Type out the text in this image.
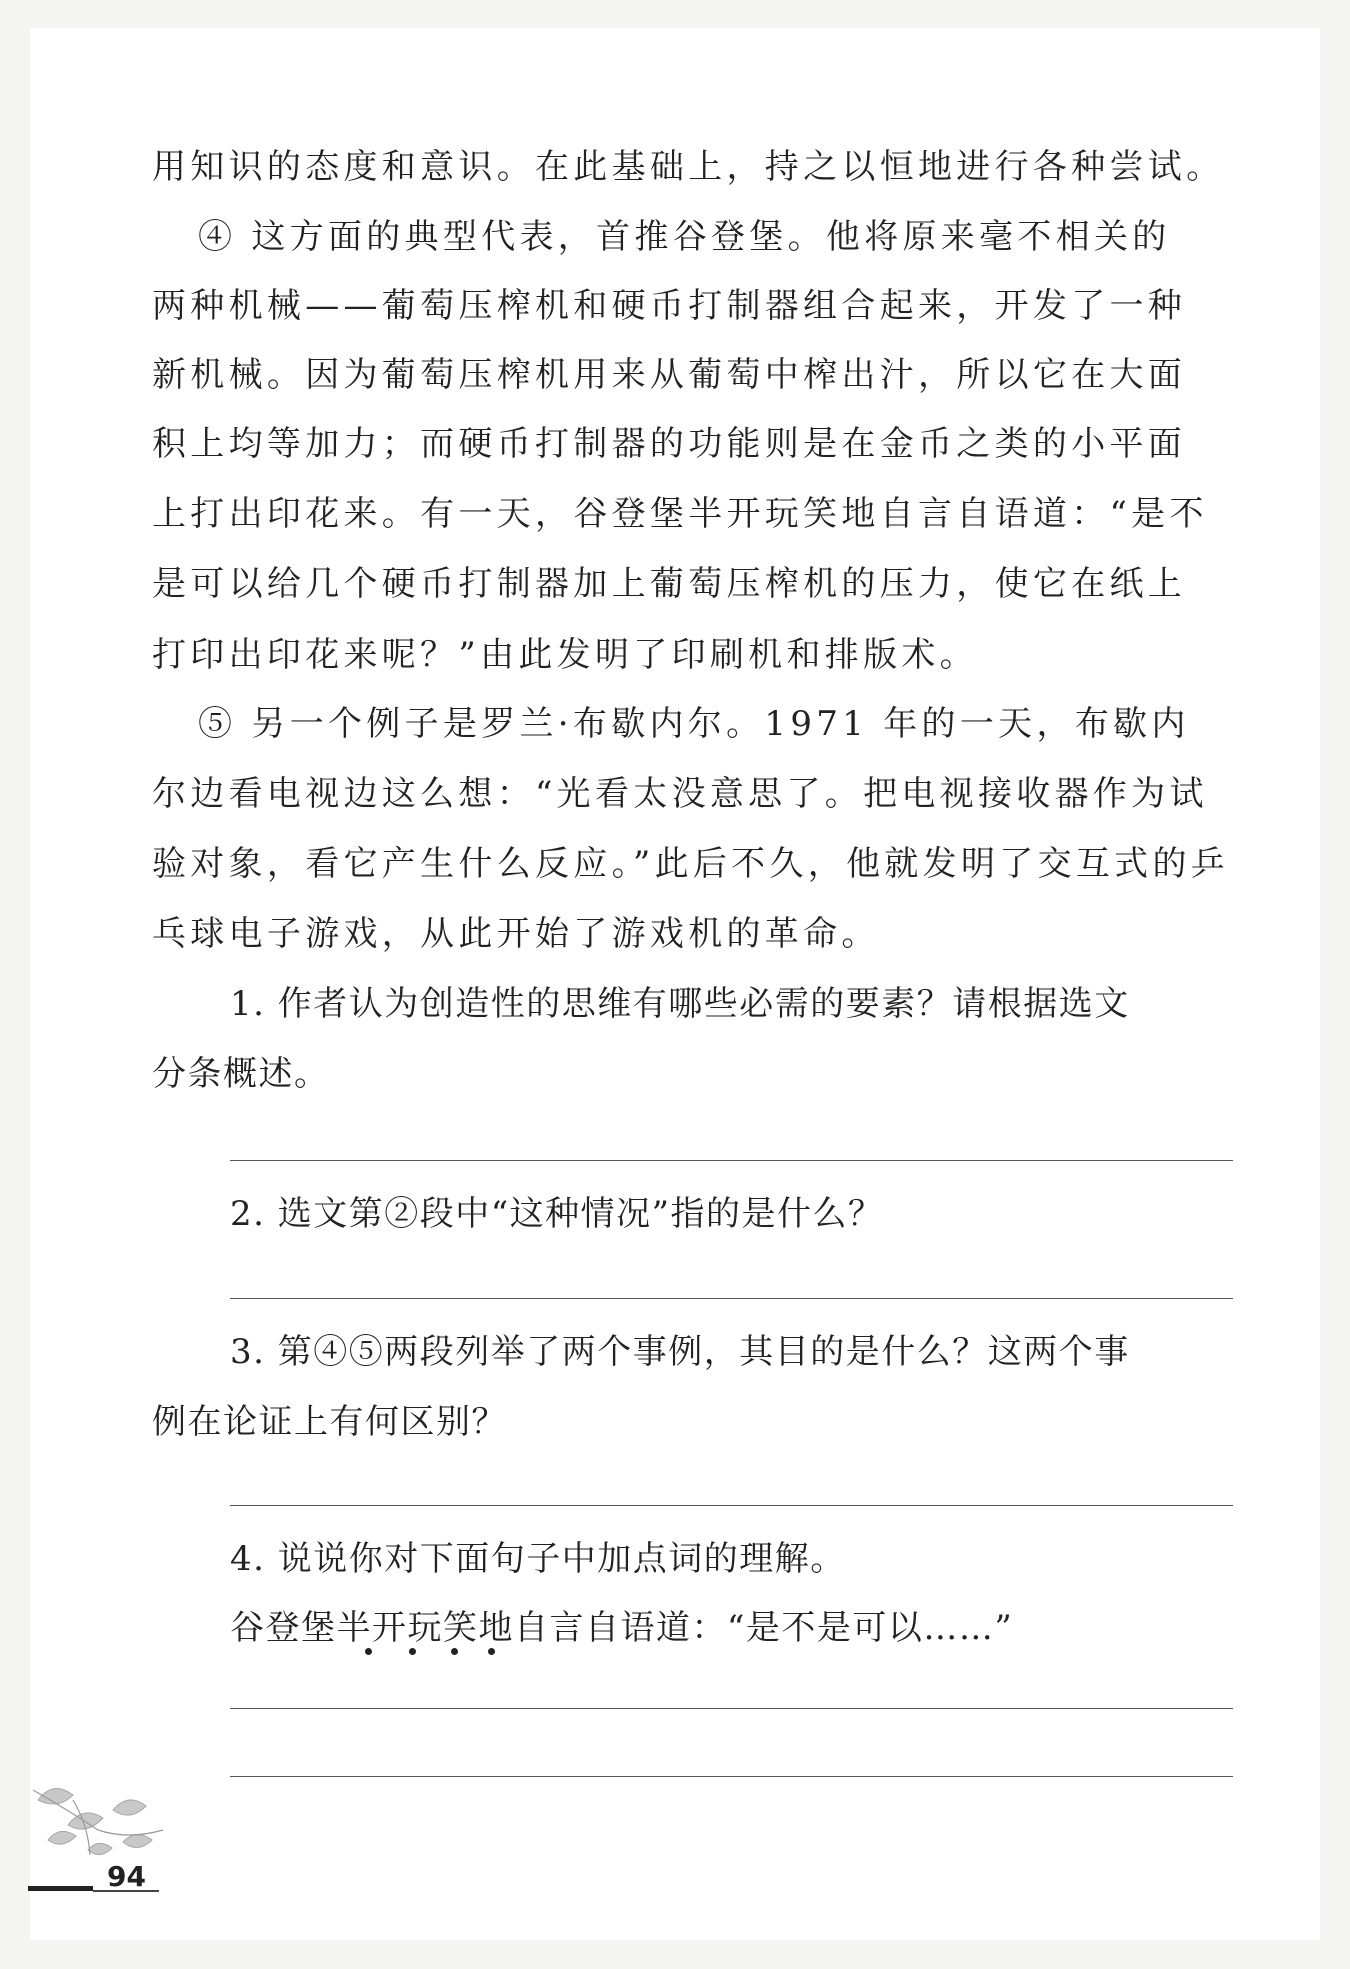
用知识的态度和意识。在此基础上，持之以恒地进行各种尝试。
④ 这方面的典型代表，首推谷登堡。他将原来毫不相关的
两种机械——葡萄压榨机和硬币打制器组合起来，开发了一种
新机械。因为葡萄压榨机用来从葡萄中榨出汁，所以它在大面
积上均等加力；而硬币打制器的功能则是在金币之类的小平面
上打出印花来。有一天，谷登堡半开玩笑地自言自语道：“是不
是可以给几个硬币打制器加上葡萄压榨机的压力，使它在纸上
打印出印花来呢？”由此发明了印刷机和排版术。
⑤ 另一个例子是罗兰·布歇内尔。1971 年的一天，布歇内
尔边看电视边这么想：“光看太没意思了。把电视接收器作为试
验对象，看它产生什么反应。”此后不久，他就发明了交互式的乒
乓球电子游戏，从此开始了游戏机的革命。
1. 作者认为创造性的思维有哪些必需的要素？请根据选文
分条概述。
2. 选文第②段中“这种情况”指的是什么？
3. 第④⑤两段列举了两个事例，其目的是什么？这两个事
例在论证上有何区别？
4. 说说你对下面句子中加点词的理解。
谷登堡半开玩笑地自言自语道：“是不是可以……”
94
